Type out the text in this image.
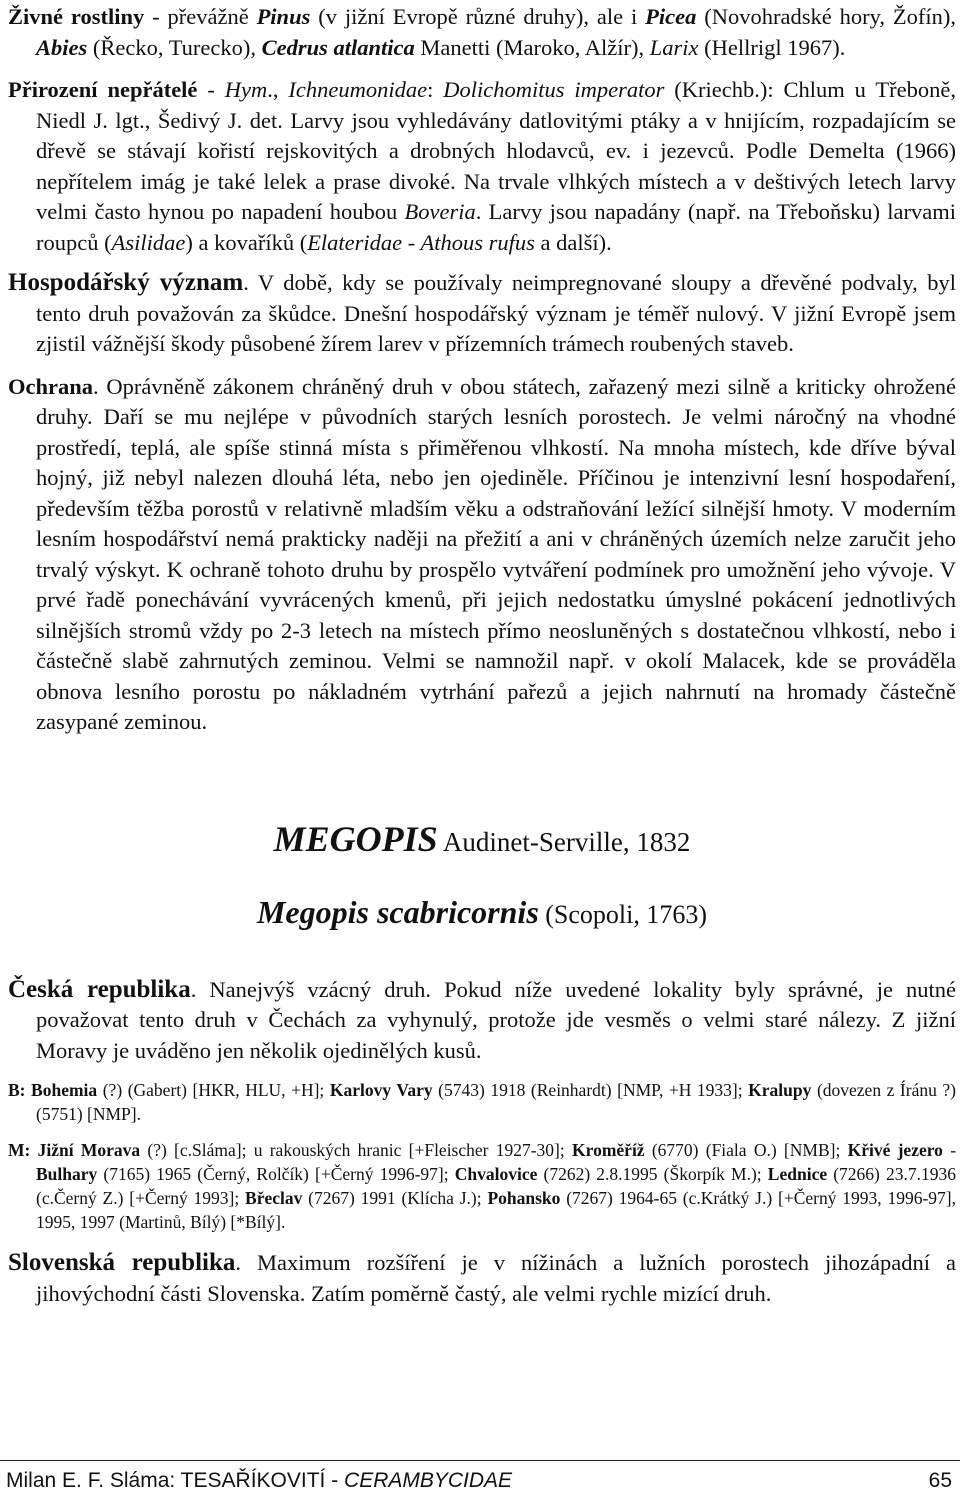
Živné rostliny - převážně Pinus (v jižní Evropě různé druhy), ale i Picea (Novohradské hory, Žofín), Abies (Řecko, Turecko), Cedrus atlantica Manetti (Maroko, Alžír), Larix (Hellrigl 1967).

Přirození nepřátelé - Hym., Ichneumonidae: Dolichomitus imperator (Kriechb.): Chlum u Třeboně, Niedl J. lgt., Šedivý J. det. Larvy jsou vyhledávány datlovitými ptáky a v hnijícím, rozpadajícím se dřevě se stávají kořistí rejskovitých a drobných hlodavců, ev. i jezevců. Podle Demelta (1966) nepřítelem imág je také lelek a prase divoké. Na trvale vlhkých místech a v deštivých letech larvy velmi často hynou po napadení houbou Boveria. Larvy jsou napadány (např. na Třeboňsku) larvami roupců (Asilidae) a kovaříků (Elateridae - Athous rufus a další).

Hospodářský význam. V době, kdy se používaly neimpregnované sloupy a dřevěné podvaly, byl tento druh považován za škůdce. Dnešní hospodářský význam je téměř nulový. V jižní Evropě jsem zjistil vážnější škody působené žírem larev v přízemních trámech roubených staveb.

Ochrana. Oprávněně zákonem chráněný druh v obou státech, zařazený mezi silně a kriticky ohrožené druhy. Daří se mu nejlépe v původních starých lesních porostech. Je velmi náročný na vhodné prostředí, teplá, ale spíše stinná místa s přiměřenou vlhkostí. Na mnoha místech, kde dříve býval hojný, již nebyl nalezen dlouhá léta, nebo jen ojediněle. Příčinou je intenzivní lesní hospodaření, především těžba porostů v relativně mladším věku a odstraňování ležící silnější hmoty. V moderním lesním hospodářství nemá prakticky naději na přežití a ani v chráněných územích nelze zaručit jeho trvalý výskyt. K ochraně tohoto druhu by prospělo vytváření podmínek pro umožnění jeho vývoje. V prvé řadě ponechávání vyvrácených kmenů, při jejich nedostatku úmyslné pokácení jednotlivých silnějších stromů vždy po 2-3 letech na místech přímo neosluněných s dostatečnou vlhkostí, nebo i částečně slabě zahrnutých zeminou. Velmi se namnožil např. v okolí Malacek, kde se prováděla obnova lesního porostu po nákladném vytrhání pařezů a jejich nahrnutí na hromady částečně zasypané zeminou.

MEGOPIS Audinet-Serville, 1832

Megopis scabricornis (Scopoli, 1763)

Česká republika. Nanejvýš vzácný druh. Pokud níže uvedené lokality byly správné, je nutné považovat tento druh v Čechách za vyhynulý, protože jde vesměs o velmi staré nálezy. Z jižní Moravy je uváděno jen několik ojedinělých kusů.

B: Bohemia (?) (Gabert) [HKR, HLU, +H]; Karlovy Vary (5743) 1918 (Reinhardt) [NMP, +H 1933]; Kralupy (dovezen z Íránu ?) (5751) [NMP].

M: Jižní Morava (?) [c.Sláma]; u rakouských hranic [+Fleischer 1927-30]; Kroměříž (6770) (Fiala O.) [NMB]; Křivé jezero - Bulhary (7165) 1965 (Černý, Rolčík) [+Černý 1996-97]; Chvalovice (7262) 2.8.1995 (Škorpík M.); Lednice (7266) 23.7.1936 (c.Černý Z.) [+Černý 1993]; Břeclav (7267) 1991 (Klícha J.); Pohansko (7267) 1964-65 (c.Krátký J.) [+Černý 1993, 1996-97], 1995, 1997 (Martinů, Bílý) [*Bílý].

Slovenská republika. Maximum rozšíření je v nížinách a lužních porostech jihozápadní a jihovýchodní části Slovenska. Zatím poměrně častý, ale velmi rychle mizící druh.

Milan E. F. Sláma: TESAŘÍKOVITÍ - CERAMBYCIDAE	65
